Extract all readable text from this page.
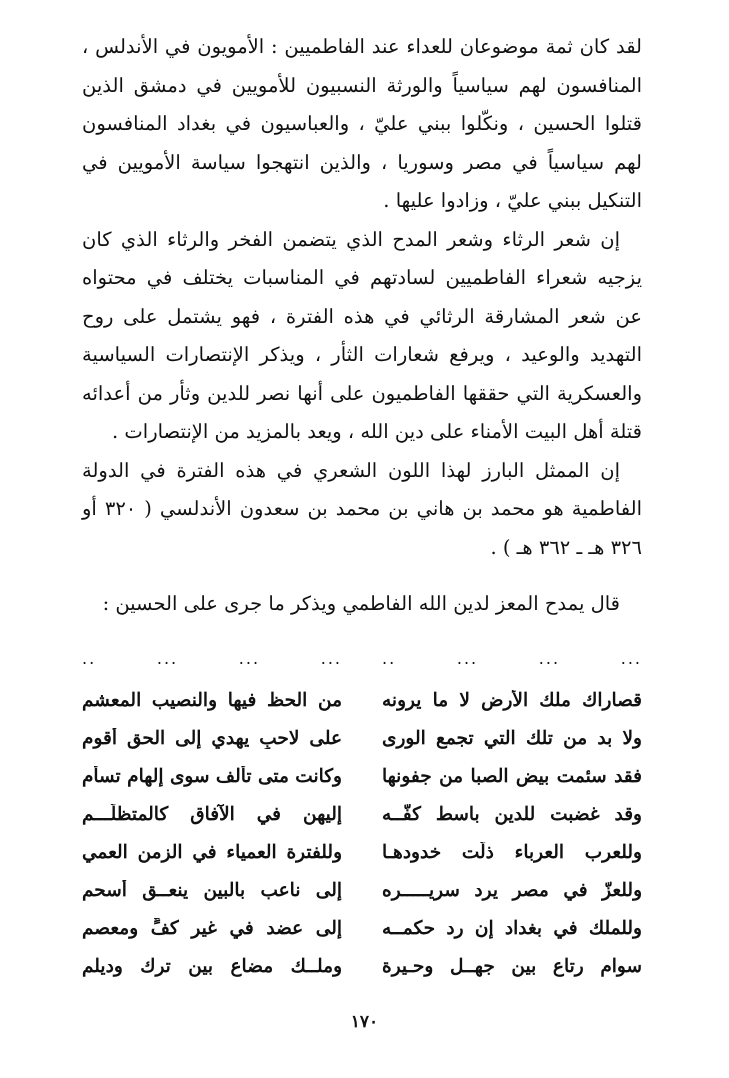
لقد كان ثمة موضوعان للعداء عند الفاطميين : الأمويون في الأندلس ، المنافسون لهم سياسياً والورثة النسبيون للأمويين في دمشق الذين قتلوا الحسين ، ونكّلوا ببني عليّ ، والعباسيون في بغداد المنافسون لهم سياسياً في مصر وسوريا ، والذين انتهجوا سياسة الأمويين في التنكيل ببني عليّ ، وزادوا عليها .

إن شعر الرثاء وشعر المدح الذي يتضمن الفخر والرثاء الذي كان يزجيه شعراء الفاطميين لسادتهم في المناسبات يختلف في محتواه عن شعر المشارقة الرثائي في هذه الفترة ، فهو يشتمل على روح التهديد والوعيد ، ويرفع شعارات الثأر ، ويذكر الإنتصارات السياسية والعسكرية التي حققها الفاطميون على أنها نصر للدين وثأر من أعدائه قتلة أهل البيت الأمناء على دين الله ، ويعد بالمزيد من الإنتصارات .

إن الممثل البارز لهذا اللون الشعري في هذه الفترة في الدولة الفاطمية هو محمد بن هاني بن محمد بن سعدون الأندلسي ( ٣٢٠ أو ٣٢٦ هـ ـ ٣٦٢ هـ ) .

قال يمدح المعز لدين الله الفاطمي ويذكر ما جرى على الحسين :

...
...
...
..
...
...
...
..
قصاراك ملك الأرض لا ما يرونه
من الحظ فيها والنصيب المعشم
ولا بد من تلك التي تجمع الورى
على لاحبٍ يهدي إلى الحق أقوم
فقد سئمت بيض الصبا من جفونها
وكانت متى تألف سوى إلهام تسأم
وقد غضبت للدين باسط كفّــه
إليهن في الآفاق كالمتظلّـــم
وللعرب العرباء ذلّت خدودهـا
وللفترة العمياء في الزمن العمي
وللعزّ في مصر يرد سريـــــره
إلى ناعب بالبين ينعــق أسحم
وللملك في بغداد إن رد حكمــه
إلى عضد في غير كفٍّ ومعصم
سوام رتاع بين جهــل وحـيرة
وملــك مضاع بين ترك وديلم
١٧٠
